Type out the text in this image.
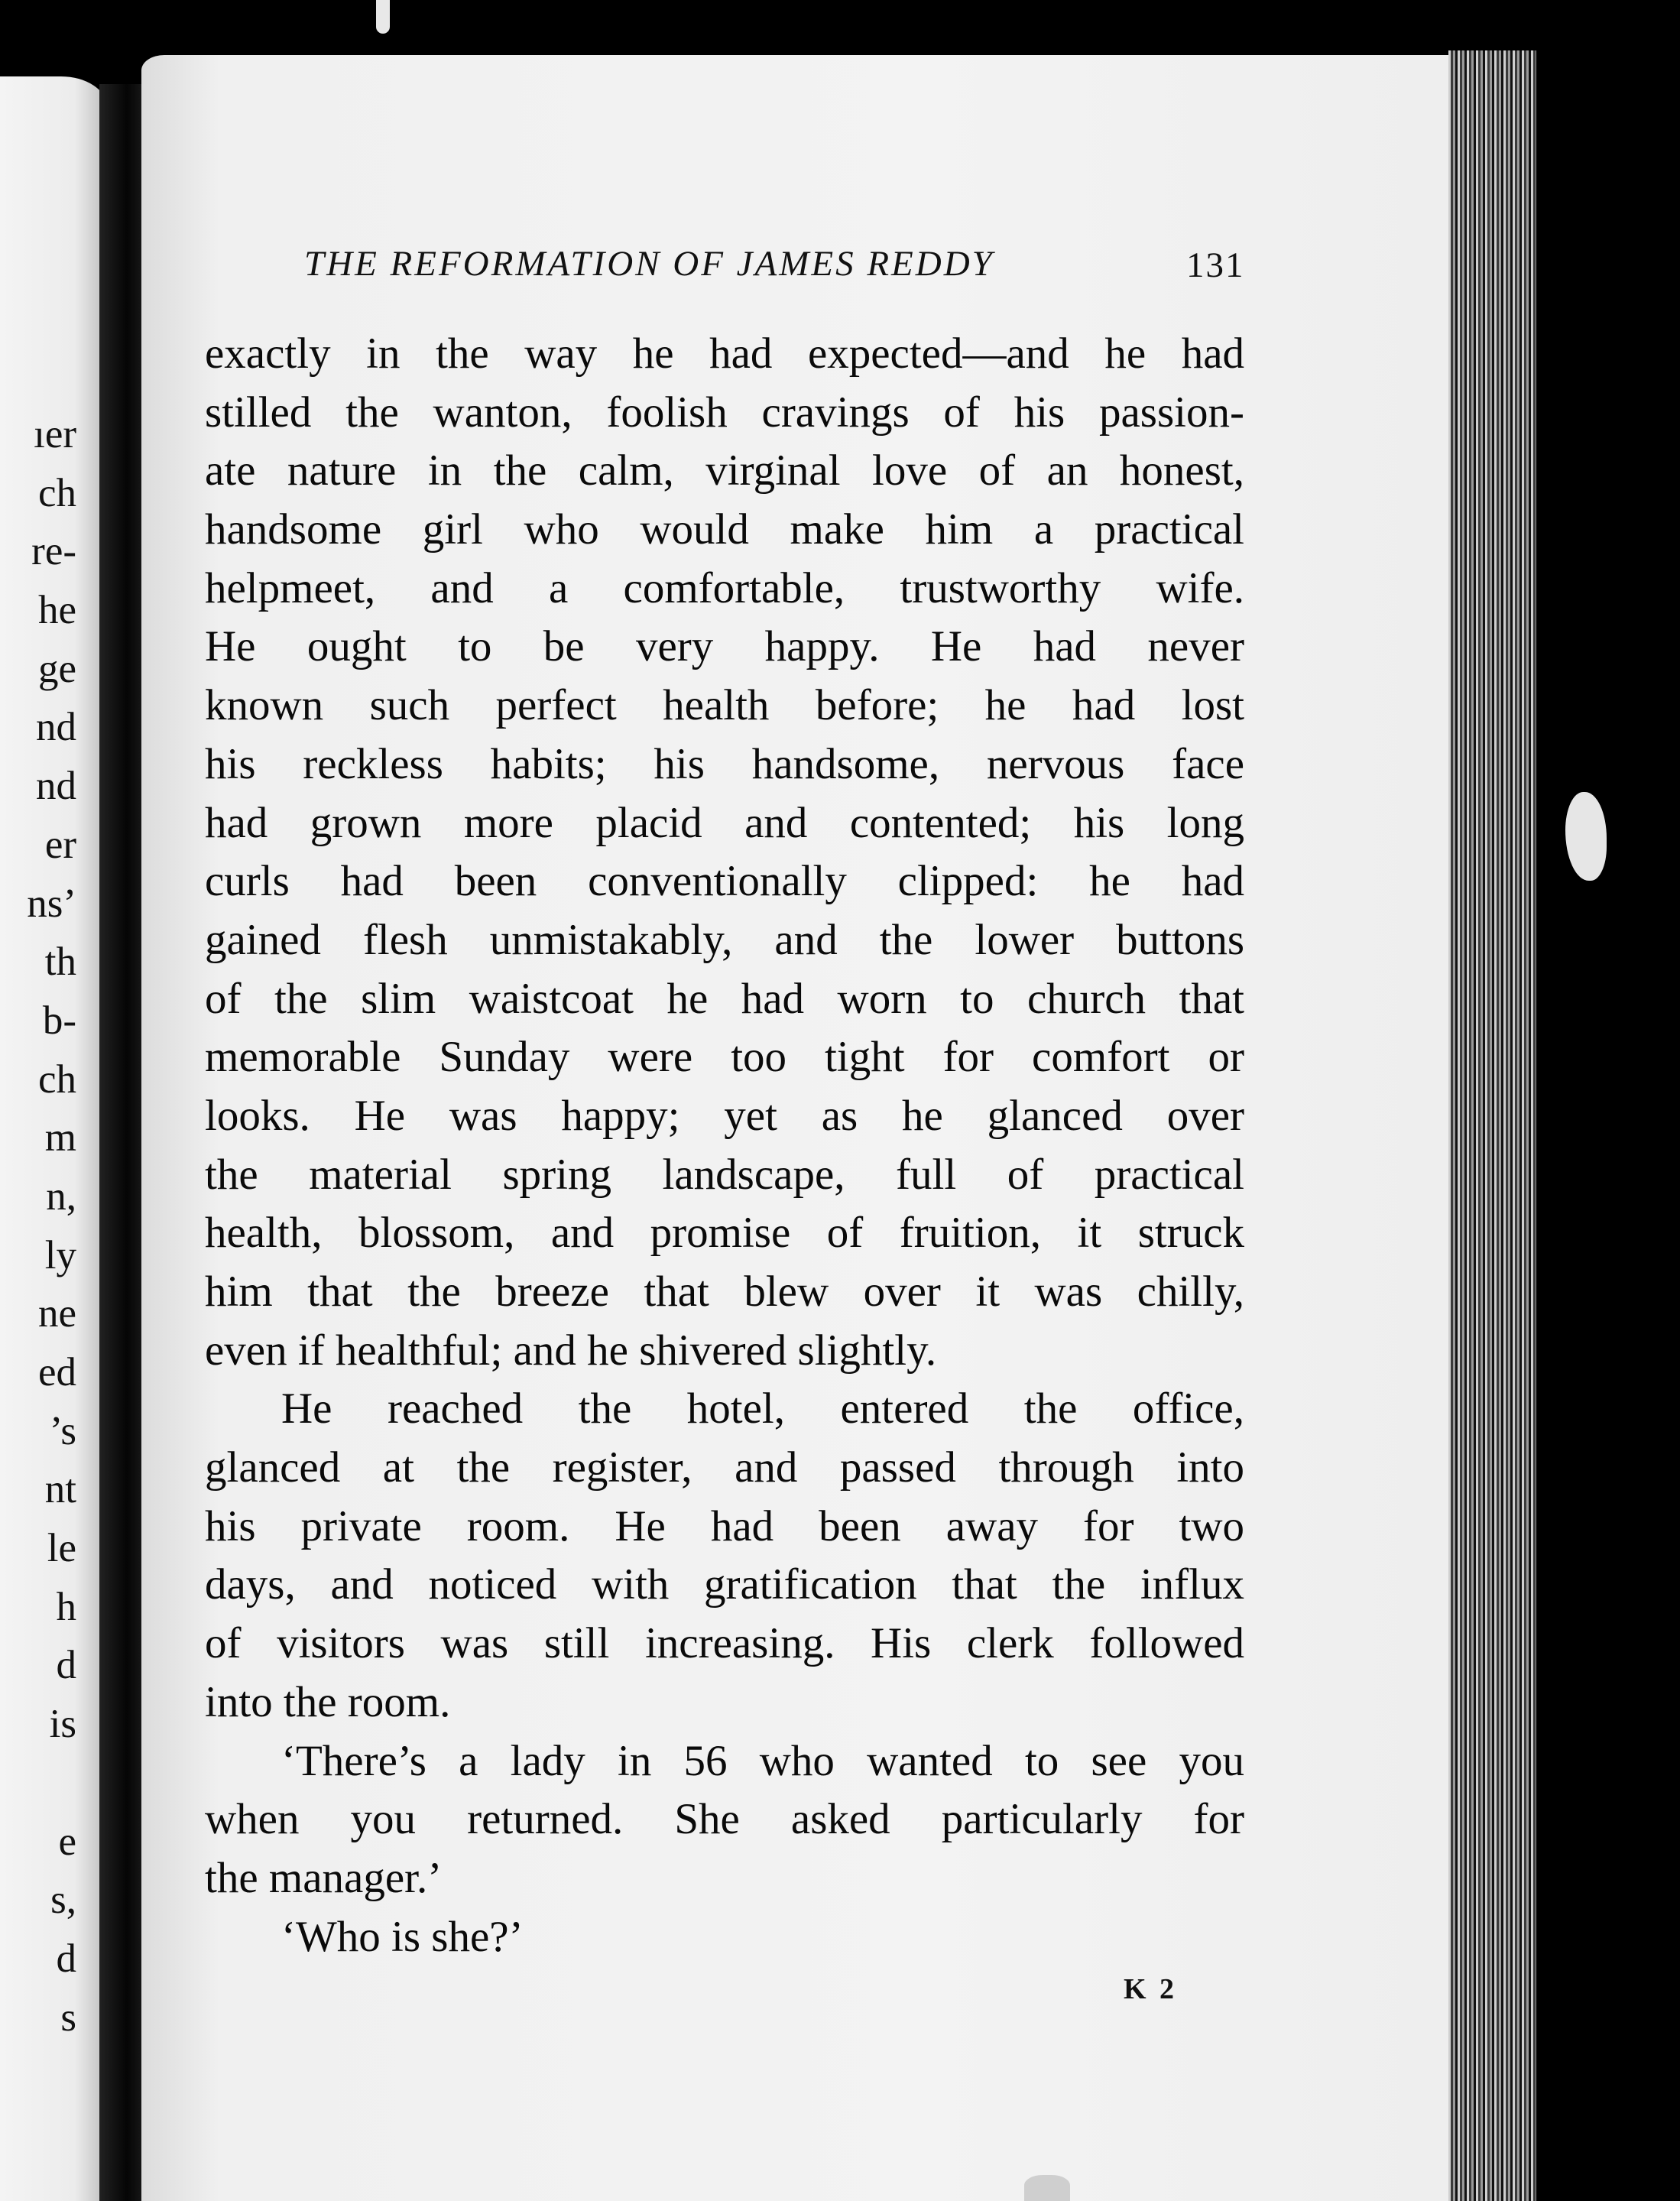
ıer
ch
re-
he
ge
nd
nd
er
ns’
th
b-
ch
m
n,
ly
ne
ed
’s
nt
le
h
d
is
e
s,
d
s
THE REFORMATION OF JAMES REDDY	131
exactly in the way he had expected—and he had
stilled the wanton, foolish cravings of his passion-
ate nature in the calm, virginal love of an honest,
handsome girl who would make him a practical
helpmeet, and a comfortable, trustworthy wife.
He ought to be very happy. He had never
known such perfect health before; he had lost
his reckless habits; his handsome, nervous face
had grown more placid and contented; his long
curls had been conventionally clipped: he had
gained flesh unmistakably, and the lower buttons
of the slim waistcoat he had worn to church that
memorable Sunday were too tight for comfort or
looks. He was happy; yet as he glanced over
the material spring landscape, full of practical
health, blossom, and promise of fruition, it struck
him that the breeze that blew over it was chilly,
even if healthful; and he shivered slightly.
He reached the hotel, entered the office,
glanced at the register, and passed through into
his private room. He had been away for two
days, and noticed with gratification that the influx
of visitors was still increasing. His clerk followed
into the room.
‘There’s a lady in 56 who wanted to see you
when you returned. She asked particularly for
the manager.’
‘Who is she?’
K 2
